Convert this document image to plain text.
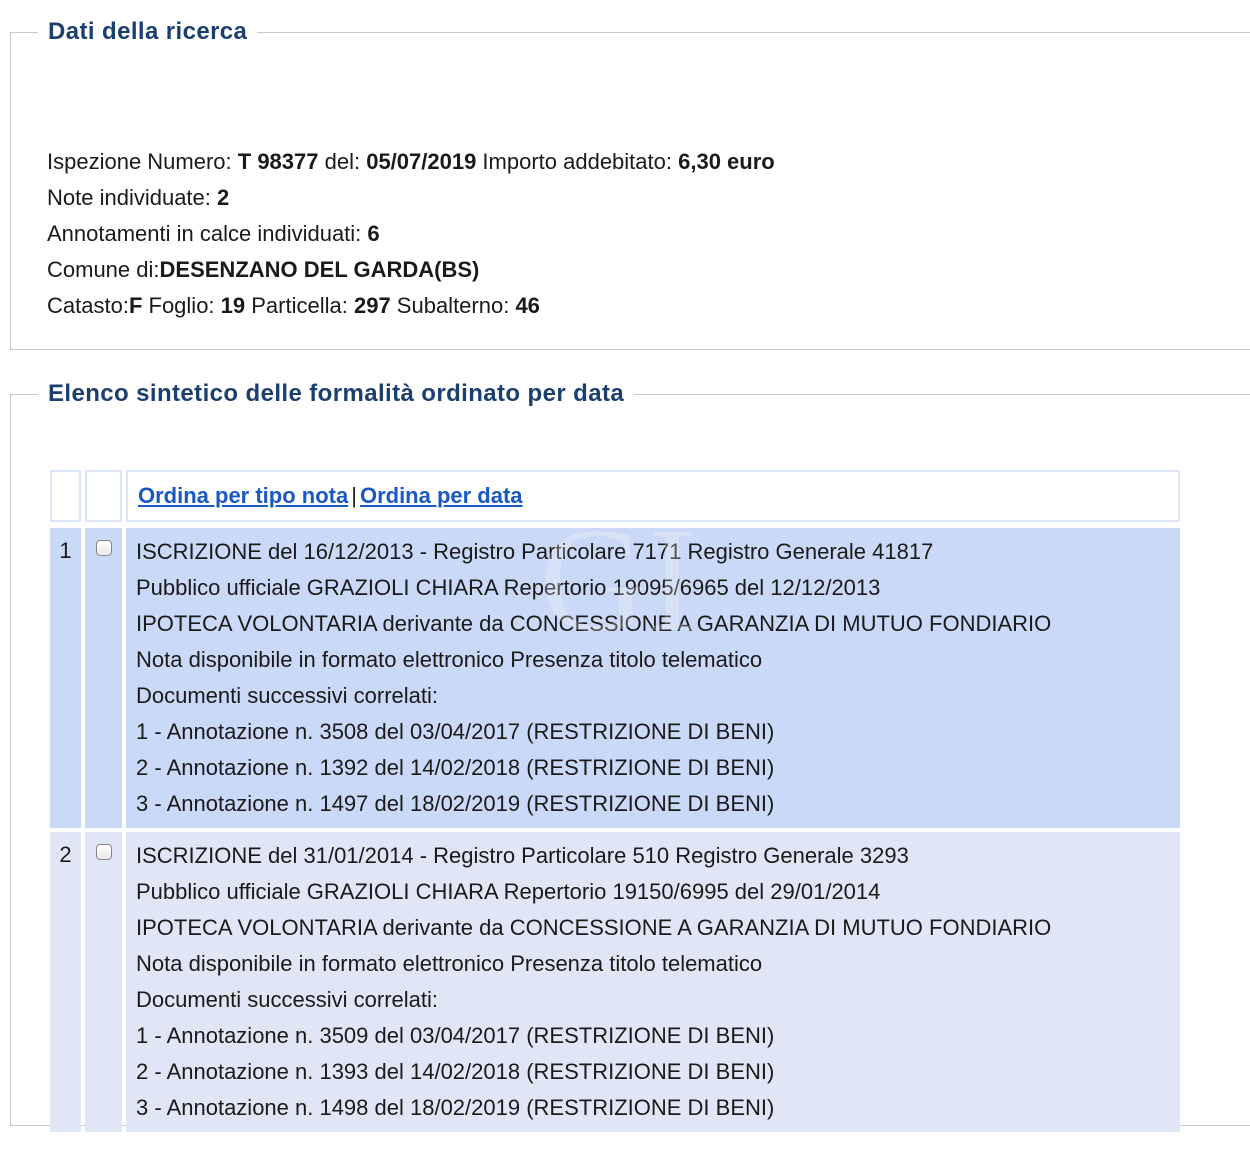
Dati della ricerca
Ispezione Numero: T 98377 del: 05/07/2019 Importo addebitato: 6,30 euro
Note individuate: 2
Annotamenti in calce individuati: 6
Comune di:DESENZANO DEL GARDA(BS)
Catasto:F Foglio: 19 Particella: 297 Subalterno: 46
Elenco sintetico delle formalità ordinato per data
Ordina per tipo nota | Ordina per data
1	ISCRIZIONE del 16/12/2013 - Registro Particolare 7171 Registro Generale 41817
Pubblico ufficiale GRAZIOLI CHIARA Repertorio 19095/6965 del 12/12/2013
IPOTECA VOLONTARIA derivante da CONCESSIONE A GARANZIA DI MUTUO FONDIARIO
Nota disponibile in formato elettronico Presenza titolo telematico
Documenti successivi correlati:
1 - Annotazione n. 3508 del 03/04/2017 (RESTRIZIONE DI BENI)
2 - Annotazione n. 1392 del 14/02/2018 (RESTRIZIONE DI BENI)
3 - Annotazione n. 1497 del 18/02/2019 (RESTRIZIONE DI BENI)
2	ISCRIZIONE del 31/01/2014 - Registro Particolare 510 Registro Generale 3293
Pubblico ufficiale GRAZIOLI CHIARA Repertorio 19150/6995 del 29/01/2014
IPOTECA VOLONTARIA derivante da CONCESSIONE A GARANZIA DI MUTUO FONDIARIO
Nota disponibile in formato elettronico Presenza titolo telematico
Documenti successivi correlati:
1 - Annotazione n. 3509 del 03/04/2017 (RESTRIZIONE DI BENI)
2 - Annotazione n. 1393 del 14/02/2018 (RESTRIZIONE DI BENI)
3 - Annotazione n. 1498 del 18/02/2019 (RESTRIZIONE DI BENI)
GI
